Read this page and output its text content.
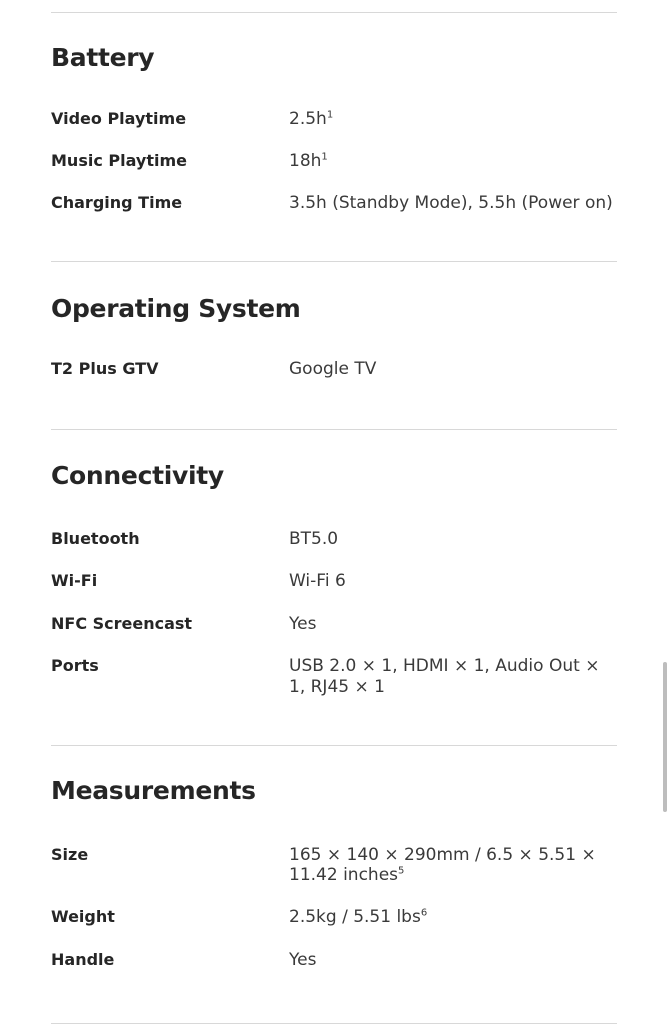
Battery
Video Playtime	$2.5h^1$
Music Playtime	$18h^1$
Charging Time	3.5h (Standby Mode), 5.5h (Power on)
Operating System
T2 Plus GTV	Google TV
Connectivity
Bluetooth	BT5.0
Wi-Fi	Wi-Fi 6
NFC Screencast	Yes
Ports	USB 2.0 × 1, HDMI × 1, Audio Out × 1, RJ45 × 1
Measurements
Size	165 × 140 × 290mm / 6.5 × 5.51 × 11.42 inches$^5$
Weight	2.5kg / 5.51 lbs$^6$
Handle	Yes
